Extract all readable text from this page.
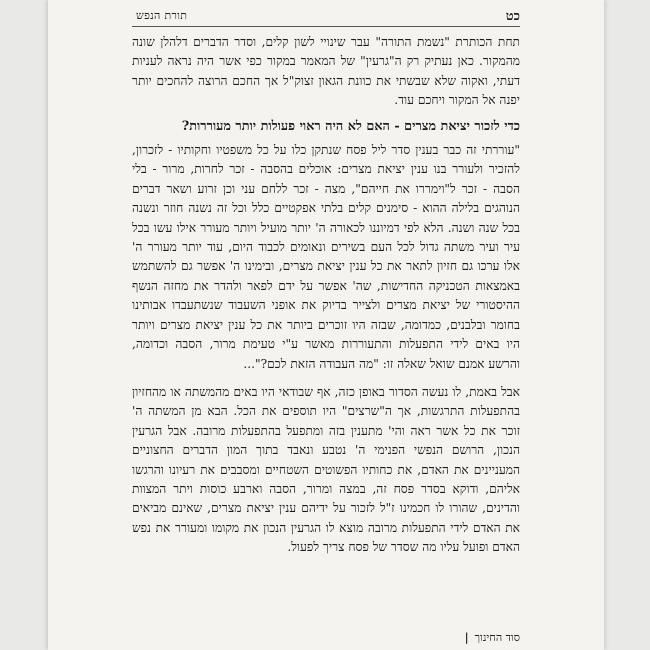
כט
תורת הנפש

תחת הכותרת "נשמת התורה" עבר שינויי לשון קלים, וסדר הדברים דלהלן שונה מהמקור. כאן נעתיק רק ה"גרעין" של המאמר במקור כפי אשר היה נראה לעניות דעתי, ואקוה שלא שבשתי את כוונת הגאון זצוק"ל אך החכם הרוצה להחכים יותר יפנה אל המקור ויחכם עוד.

כדי לזכור יציאת מצרים - האם לא היה ראוי פעולות יותר מעוררות?

"עוררתי זה כבר בענין סדר ליל פסח שנתקן כלו על כל משפטיו וחקותיו - לזכרון, להזכיר ולעורר בנו ענין יציאת מצרים: אוכלים בהסבה - זכר לחרות, מרור - בלי הסבה - זכר ל"וימררו את חייהם", מצה - זכר ללחם עני וכן זרוע ושאר דברים הנוהגים בלילה ההוא - סימנים קלים בלתי אפקטיים כלל וכל זה נשנה חוזר ונשנה בכל שנה ושנה. הלא לפי דמיוננו לכאורה ה' יותר מועיל ויותר מעורר אילו עשו בכל עיר ועיר משתה גדול לכל העם בשירים ונאומים לכבוד היום, עוד יותר מעורר ה' אלו ערכו גם חזיון לתאר את כל ענין יציאת מצרים, ובימינו ה' אפשר גם להשתמש באמצאות הטכניקה החדישות, שה' אפשר על ידם לפאר ולהדר את מחזה הנשף ההיסטורי של יציאת מצרים ולצייר בדיוק את אופני השעבוד שנשתעבדו אבותינו בחומר ובלבנים, כמדומה, שבזה היו זוכרים ביותר את כל ענין יציאת מצרים ויותר היו באים לידי התפעלות והתעוררות מאשר ע"י טעימת מרור, הסבה וכדומה, והרשע אמנם שואל שאלה זו: "מה העבודה הזאת לכם?"...

אבל באמת, לו נעשה הסדור באופן כזה, אף שבודאי היו באים מהמשתה או מהחזיון בהתפעלות התרגשות, אך ה"שרצים" היו תוספים את הכל. הבא מן המשתה ה' זוכר את כל אשר ראה והי' מתענין בזה ומתפעל בהתפעלות מרובה. אבל הגרעין הנכון, הרושם הנפשי הפנימי ה' נטבע ונאבד בתוך המון הדברים החצוניים המעניינים את האדם, את כחותיו הפשוטים השטחיים ומסבבים את רעיונו והרגשו אליהם, ודוקא בסדר פסח זה, במצה ומרור, הסבה וארבע כוסות ויתר המצוות והדינים, שהורו לו חכמינו ז"ל לזכור על ידיהם ענין יציאת מצרים, שאינם מביאים את האדם לידי התפעלות מרובה מוצא לו הגרעין הנכון את מקומו ומעורר את נפש האדם ופועל עליו מה שסדר של פסח צריך לפעול.

סוד החינוך|
